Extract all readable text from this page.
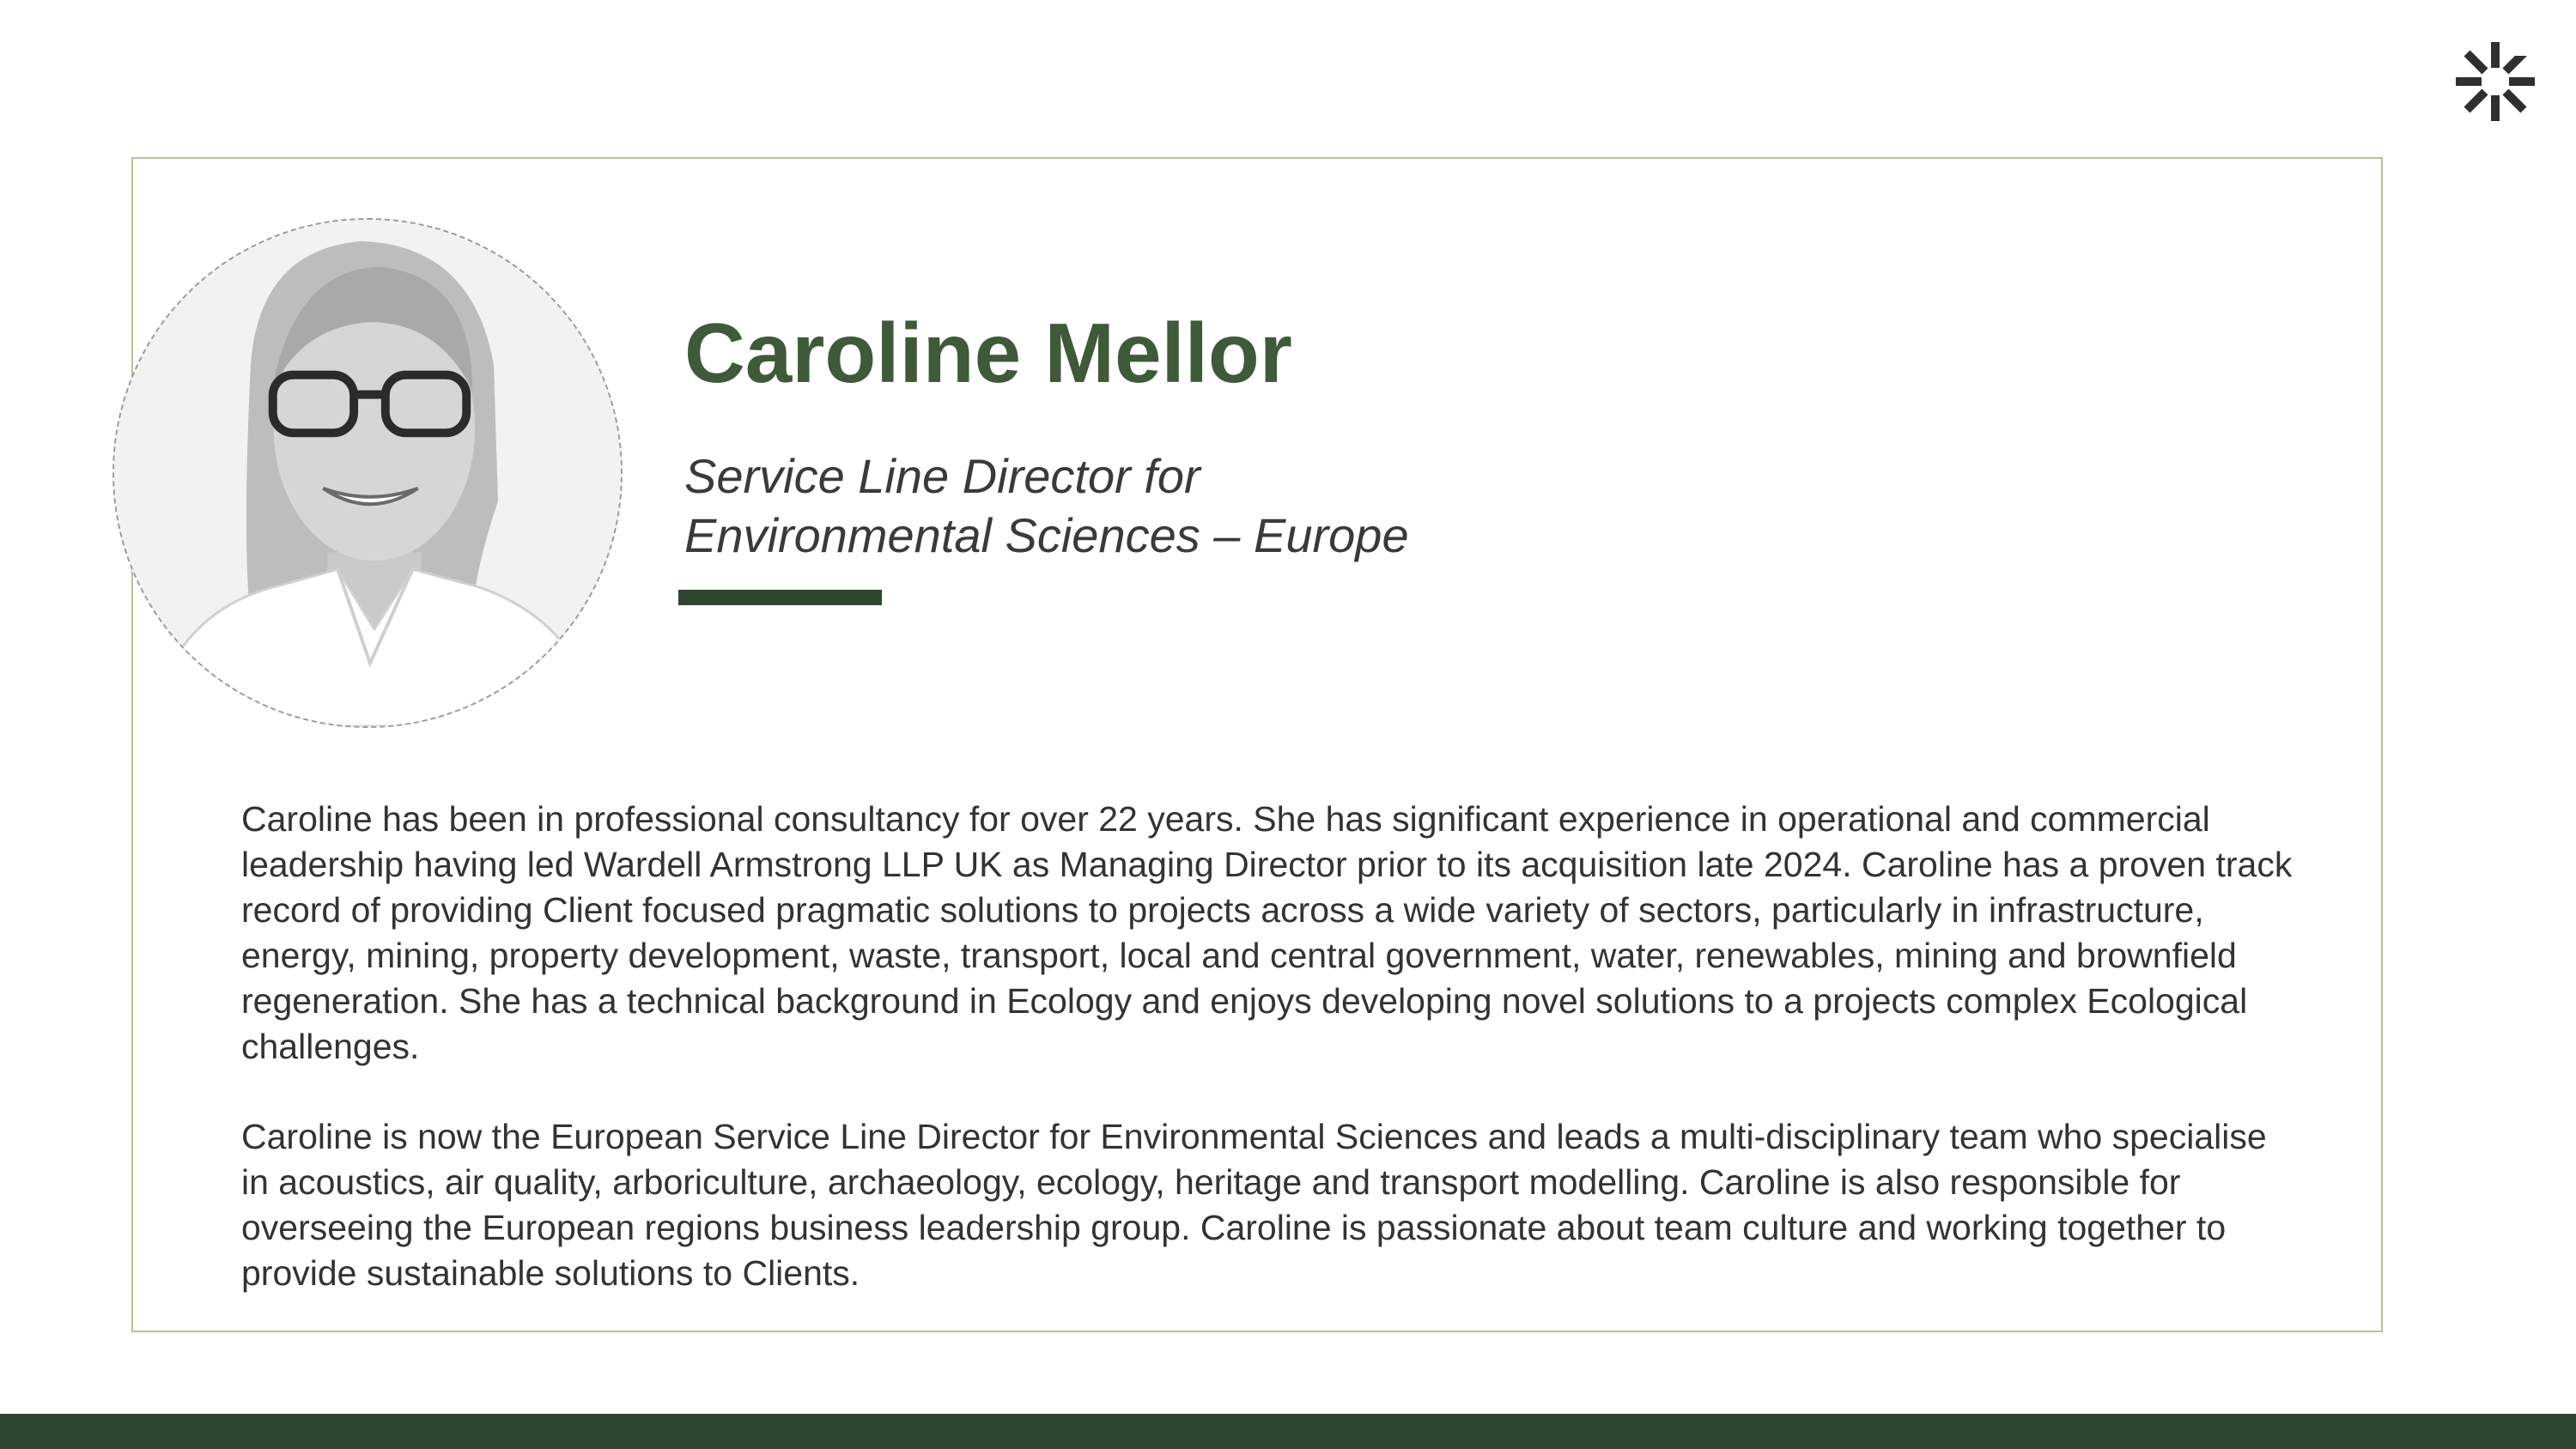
Caroline Mellor
Service Line Director for
Environmental Sciences – Europe

Caroline has been in professional consultancy for over 22 years. She has significant experience in operational and commercial leadership having led Wardell Armstrong LLP UK as Managing Director prior to its acquisition late 2024. Caroline has a proven track record of providing Client focused pragmatic solutions to projects across a wide variety of sectors, particularly in infrastructure, energy, mining, property development, waste, transport, local and central government, water, renewables, mining and brownfield regeneration. She has a technical background in Ecology and enjoys developing novel solutions to a projects complex Ecological challenges.

Caroline is now the European Service Line Director for Environmental Sciences and leads a multi-disciplinary team who specialise in acoustics, air quality, arboriculture, archaeology, ecology, heritage and transport modelling. Caroline is also responsible for overseeing the European regions business leadership group. Caroline is passionate about team culture and working together to provide sustainable solutions to Clients.
